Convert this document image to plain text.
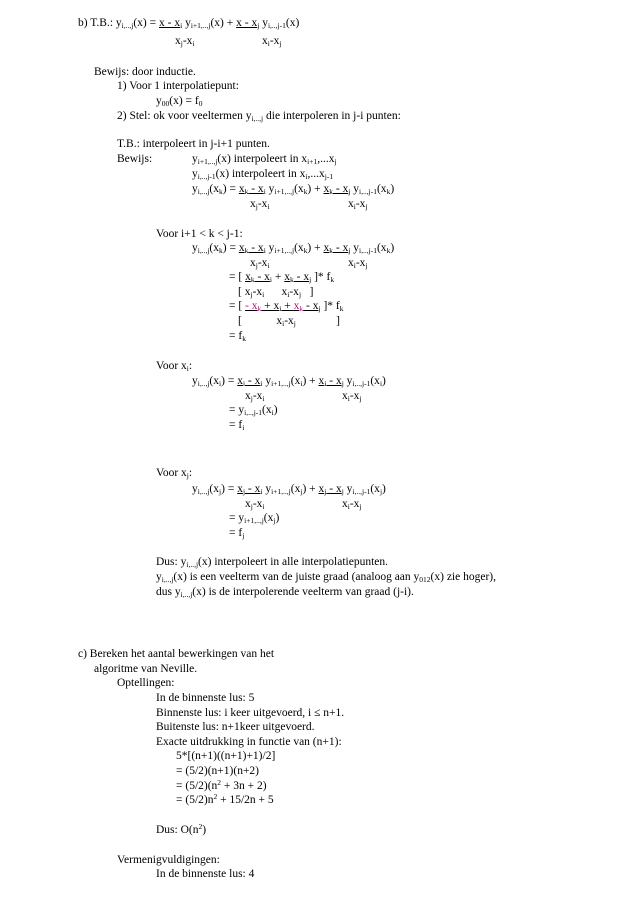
b) T.B.: $y_{i,..,j}(x) = x - x_i$ $y_{i+1,..,j}(x) + x - x_j$ $y_{i,..,j-1}(x)$
$x_j-x_i$	$x_i-x_j$
Bewijs: door inductie.
1) Voor 1 interpolatiepunt:
$y_{00}(x) = f_0$
2) Stel: ok voor veeltermen $y_{i,..,j}$ die interpoleren in j-i punten:
T.B.: interpoleert in j-i+1 punten.
Bewijs:	$y_{i+1,..,j}(x)$ interpoleert in $x_{i+1},...x_j$
$y_{i,..,j-1}(x)$ interpoleert in $x_i,...x_{j-1}$
$y_{i,..,j}(x_k) = x_k - x_i$ $y_{i+1,..,j}(x_k) + x_k - x_j$ $y_{i,..,j-1}(x_k)$
$x_j-x_i$	$x_i-x_j$
Voor i+1 < k < j-1:
$y_{i,..,j}(x_k) = x_k - x_i$ $y_{i+1,..,j}(x_k) + x_k - x_j$ $y_{i,..,j-1}(x_k)$
$x_j-x_i$	$x_i-x_j$
= [ $x_k - x_i + x_k - x_j$ ]* $f_k$
[ $x_j-x_i$      $x_i-x_j$   ]
= [ - $x_k + x_i + x_k - x_j$ ]* $f_k$
[            $x_i-x_j$              ]
= $f_k$
Voor $x_i$:
$y_{i,..,j}(x_i) = x_i - x_i$ $y_{i+1,..,j}(x_i) + x_i - x_j$ $y_{i,..,j-1}(x_i)$
$x_j-x_i$	$x_i-x_j$
= $y_{i,..,j-1}(x_i)$
= $f_i$
Voor $x_j$:
$y_{i,..,j}(x_j) = x_j - x_i$ $y_{i+1,..,j}(x_j) + x_j - x_j$ $y_{i,..,j-1}(x_j)$
$x_j-x_i$	$x_i-x_j$
= $y_{i+1,..,j}(x_j)$
= $f_j$
Dus: $y_{i,..,j}(x)$ interpoleert in alle interpolatiepunten.
$y_{i,..,j}(x)$ is een veelterm van de juiste graad (analoog aan $y_{012}(x)$ zie hoger),
dus $y_{i,..,j}(x)$ is de interpolerende veelterm van graad (j-i).
c) Bereken het aantal bewerkingen van het
algoritme van Neville.
Optellingen:
In de binnenste lus: 5
Binnenste lus: i keer uitgevoerd, i ≤ n+1.
Buitenste lus: n+1keer uitgevoerd.
Exacte uitdrukking in functie van (n+1):
5*[(n+1)((n+1)+1)/2]
= (5/2)(n+1)(n+2)
= $(5/2)(n^2 + 3n + 2)$
= $(5/2)n^2 + 15/2n + 5$
Dus: $O(n^2)$
Vermenigvuldigingen:
In de binnenste lus: 4
